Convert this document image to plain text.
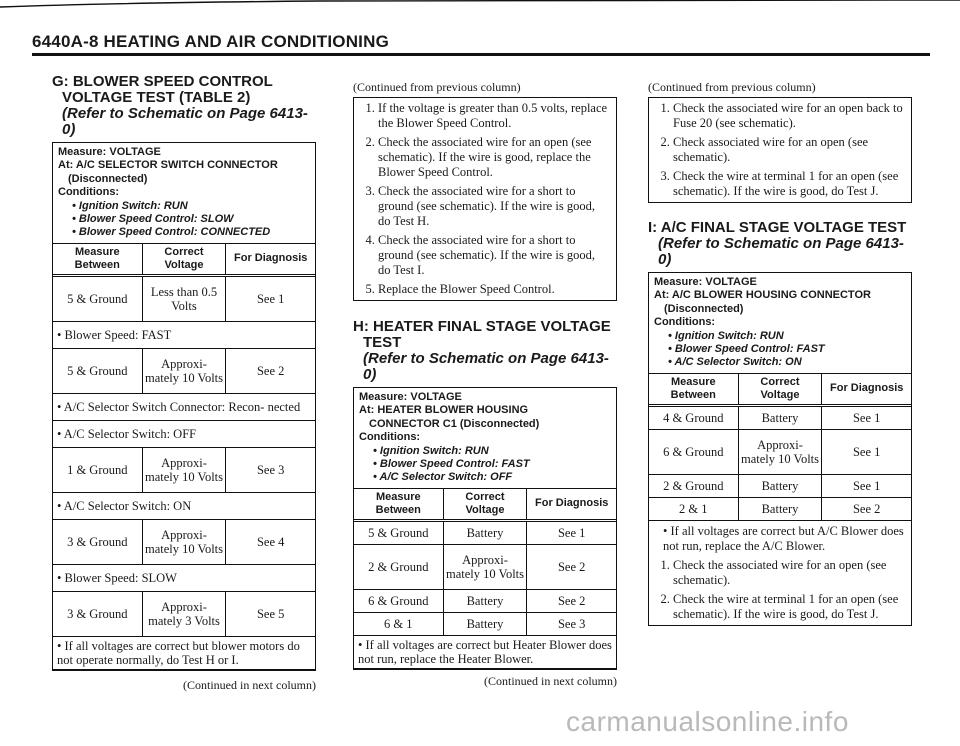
6440A-8 HEATING AND AIR CONDITIONING
G: BLOWER SPEED CONTROL
VOLTAGE TEST (TABLE 2)
(Refer to Schematic on Page 6413-0)
Measure: VOLTAGE
At: A/C SELECTOR SWITCH CONNECTOR
(Disconnected)
Conditions:
• Ignition Switch: RUN
• Blower Speed Control: SLOW
• Blower Speed Control: CONNECTED
Measure Between	Correct Voltage	For Diagnosis
5 & Ground	Less than 0.5 Volts	See 1
• Blower Speed: FAST		
5 & Ground	Approxi- mately 10 Volts	See 2
• A/C Selector Switch Connector: Recon- nected		
• A/C Selector Switch: OFF		
1 & Ground	Approxi- mately 10 Volts	See 3
• A/C Selector Switch: ON		
3 & Ground	Approxi- mately 10 Volts	See 4
• Blower Speed: SLOW		
3 & Ground	Approxi- mately 3 Volts	See 5
• If all voltages are correct but blower motors do not operate normally, do Test H or I.		
(Continued in next column)
(Continued from previous column)
1. If the voltage is greater than 0.5 volts, replace the Blower Speed Control.
2. Check the associated wire for an open (see schematic). If the wire is good, replace the Blower Speed Control.
3. Check the associated wire for a short to ground (see schematic). If the wire is good, do Test H.
4. Check the associated wire for a short to ground (see schematic). If the wire is good, do Test I.
5. Replace the Blower Speed Control.
H: HEATER FINAL STAGE VOLTAGE
TEST
(Refer to Schematic on Page 6413-0)
Measure: VOLTAGE
At: HEATER BLOWER HOUSING
CONNECTOR C1 (Disconnected)
Conditions:
• Ignition Switch: RUN
• Blower Speed Control: FAST
• A/C Selector Switch: OFF
Measure Between	Correct Voltage	For Diagnosis
5 & Ground	Battery	See 1
2 & Ground	Approxi- mately 10 Volts	See 2
6 & Ground	Battery	See 2
6 & 1	Battery	See 3
• If all voltages are correct but Heater Blower does not run, replace the Heater Blower.		
(Continued in next column)
(Continued from previous column)
1. Check the associated wire for an open back to Fuse 20 (see schematic).
2. Check associated wire for an open (see schematic).
3. Check the wire at terminal 1 for an open (see schematic). If the wire is good, do Test J.
I: A/C FINAL STAGE VOLTAGE TEST
(Refer to Schematic on Page 6413-0)
Measure: VOLTAGE
At: A/C BLOWER HOUSING CONNECTOR
(Disconnected)
Conditions:
• Ignition Switch: RUN
• Blower Speed Control: FAST
• A/C Selector Switch: ON
Measure Between	Correct Voltage	For Diagnosis
4 & Ground	Battery	See 1
6 & Ground	Approxi- mately 10 Volts	See 1
2 & Ground	Battery	See 1
2 & 1	Battery	See 2
• If all voltages are correct but A/C Blower does not run, replace the A/C Blower.
1. Check the associated wire for an open (see schematic).
2. Check the wire at terminal 1 for an open (see schematic). If the wire is good, do Test J.
carmanualsonline.info
